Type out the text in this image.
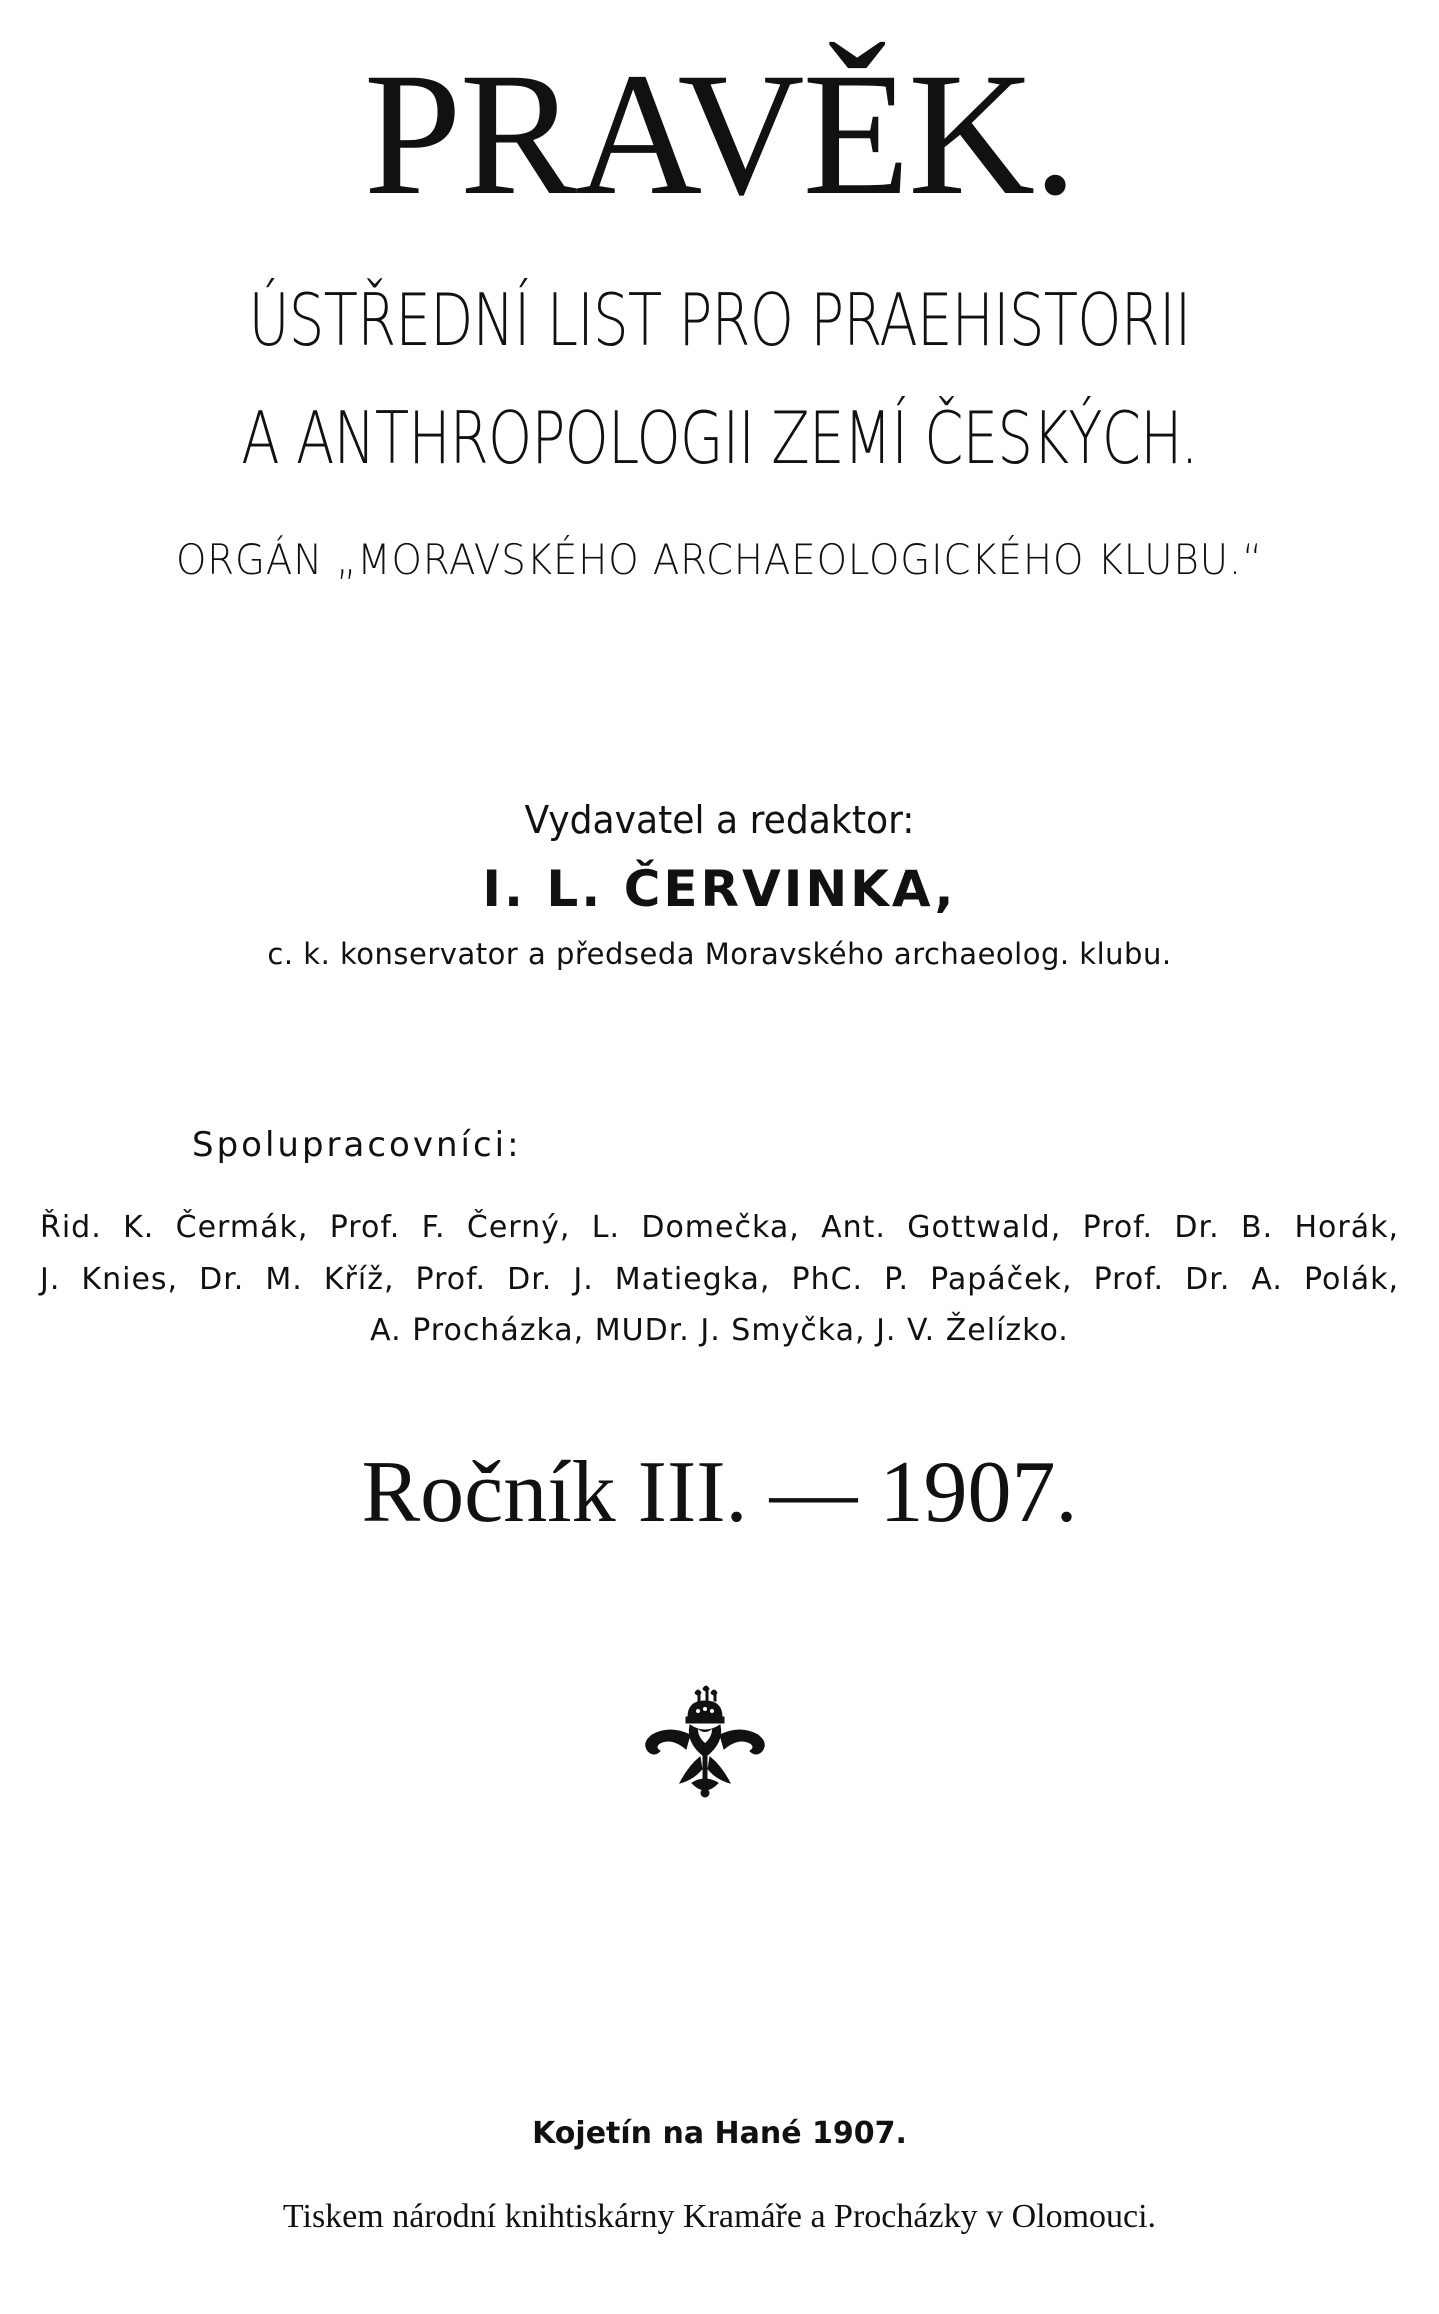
PRAVĚK.
ÚSTŘEDNÍ LIST PRO PRAEHISTORII
A ANTHROPOLOGII ZEMÍ ČESKÝCH.
ORGÁN „MORAVSKÉHO ARCHAEOLOGICKÉHO KLUBU.“
Vydavatel a redaktor:
I. L. ČERVINKA,
c. k. konservator a předseda Moravského archaeolog. klubu.
Spolupracovníci:
Řid. K. Čermák, Prof. F. Černý, L. Domečka, Ant. Gottwald, Prof. Dr. B. Horák,
J. Knies, Dr. M. Kříž, Prof. Dr. J. Matiegka, PhC. P. Papáček, Prof. Dr. A. Polák,
A. Procházka, MUDr. J. Smyčka, J. V. Želízko.
Ročník III. — 1907.
Kojetín na Hané 1907.
Tiskem národní knihtiskárny Kramáře a Procházky v Olomouci.
